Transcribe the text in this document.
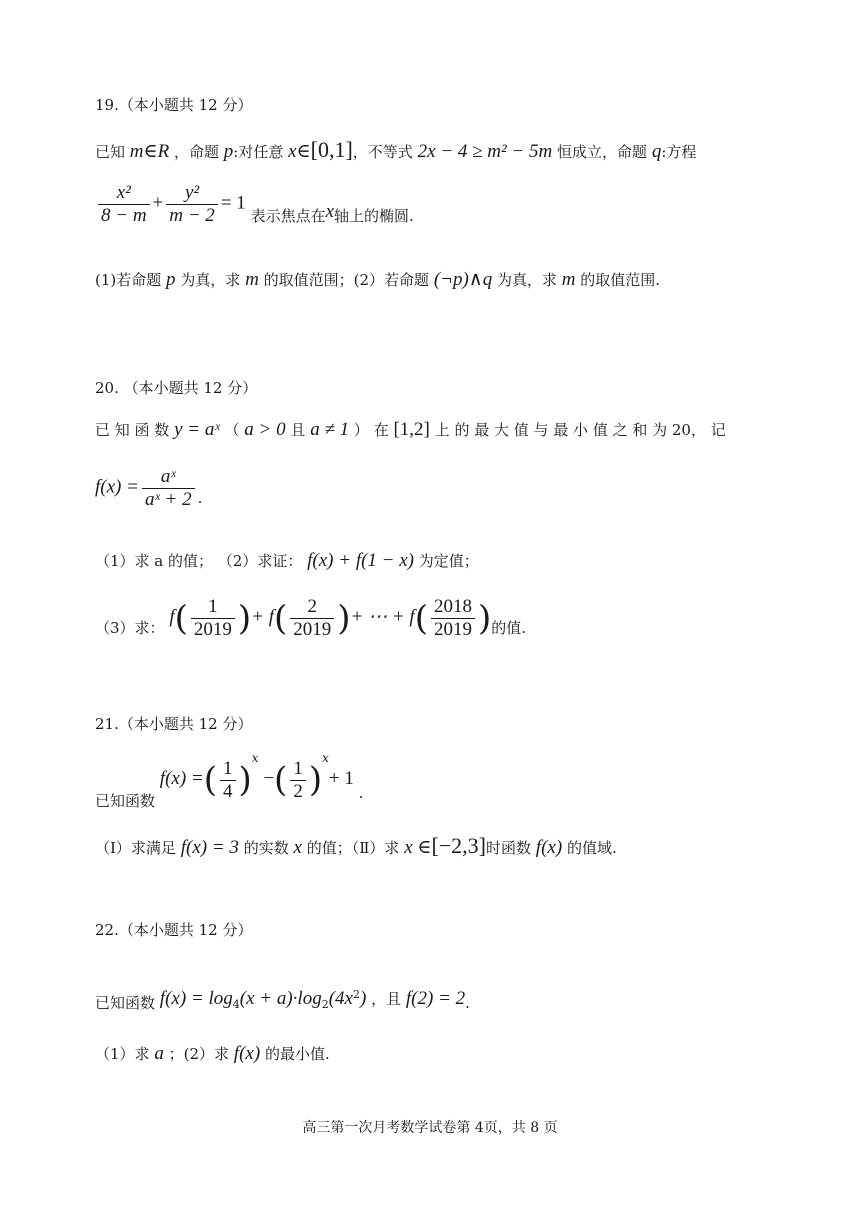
19.（本小题共 12 分）
已知 m∈R ，命题 p:对任意 x∈[0,1]，不等式 2x − 4 ≥ m² − 5m 恒成立，命题 q:方程
$\frac{\text{x²}}{8 - m} + \frac{\text{y²}}{m - 2} = 1$ 表示焦点在x轴上的椭圆.
(1)若命题 p 为真，求 m 的取值范围；(2）若命题 (¬p)∧q 为真，求 m 的取值范围.
20. （本小题共 12 分）
已 知 函 数 y = aˣ （ a > 0 且 a ≠ 1 ） 在 [1,2] 上 的 最 大 值 与 最 小 值 之 和 为 20， 记
$f(x) = \frac{\text{aˣ}}{\text{aˣ + 2}}$ .
（1）求 a 的值； （2）求证： f(x) + f(1 − x) 为定值；
（3）求： $f( \frac{1}{2019}$ )+ $f( \frac{2}{2019}$ )+ ⋯ + $f( \frac{2018}{2019}$ )的值.
21.（本小题共 12 分）
已知函数 f(x) =( $\frac{1}{4} )^x$ −( $\frac{1}{2} )^x+ 1$ .
（Ⅰ）求满足 f(x) = 3 的实数 x 的值；（Ⅱ）求 x ∈[−2,3]时函数 f(x) 的值域.
22.（本小题共 12 分）
已知函数 $f(x) = \log_4(x + a)\cdot\log_2(4x^2)$ ，且 f(2) = 2.
（1）求 a ；(2）求 f(x) 的最小值.
高三第一次月考数学试卷第 4页，共 8 页
